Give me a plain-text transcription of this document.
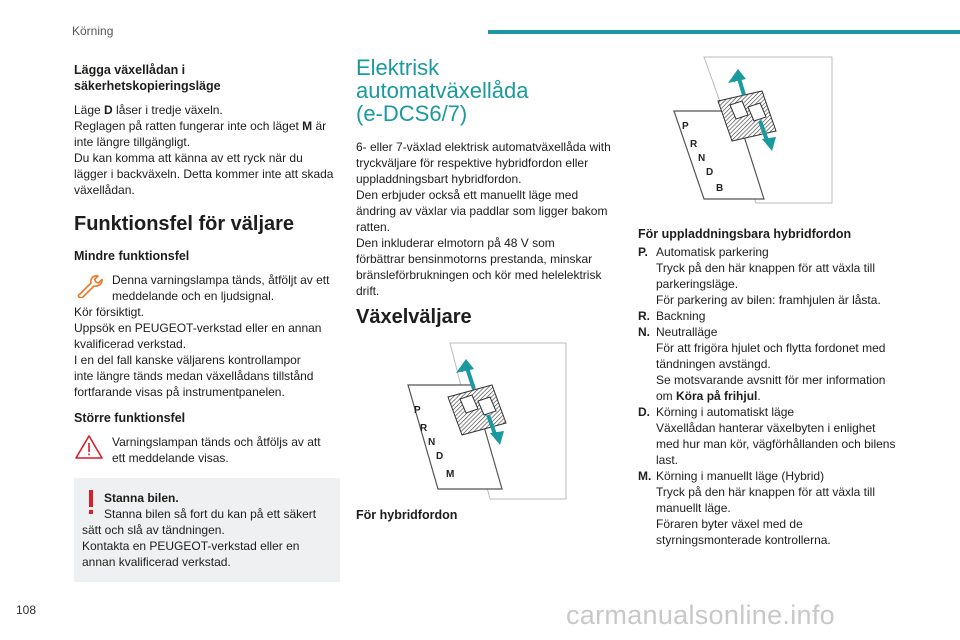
Körning
Lägga växellådan i
säkerhetskopieringsläge

Läge D låser i tredje växeln.
Reglagen på ratten fungerar inte och läget M är
inte längre tillgängligt.
Du kan komma att känna av ett ryck när du
lägger i backväxeln. Detta kommer inte att skada
växellådan.

Funktionsfel för väljare
Mindre funktionsfel
Denna varningslampa tänds, åtföljt av ett
meddelande och en ljudsignal.

Kör försiktigt.
Uppsök en PEUGEOT-verkstad eller en annan
kvalificerad verkstad.
I en del fall kanske väljarens kontrollampor
inte längre tänds medan växellådans tillstånd
fortfarande visas på instrumentpanelen.

Större funktionsfel
Varningslampan tänds och åtföljs av att
ett meddelande visas.
Stanna bilen.
Stanna bilen så fort du kan på ett säkert
sätt och slå av tändningen.
Kontakta en PEUGEOT-verkstad eller en
annan kvalificerad verkstad.
Elektrisk
automatväxellåda
(e-DCS6/7)

6- eller 7-växlad elektrisk automatväxellåda with
tryckväljare för respektive hybridfordon eller
uppladdningsbart hybridfordon.
Den erbjuder också ett manuellt läge med
ändring av växlar via paddlar som ligger bakom
ratten.
Den inkluderar elmotorn på 48 V som
förbättrar bensinmotorns prestanda, minskar
bränsleförbrukningen och kör med helelektrisk
drift.

Växelväljare
P
R
N
D
M
För hybridfordon
P
R
N
D
B
För uppladdningsbara hybridfordon
P. Automatisk parkering
Tryck på den här knappen för att växla till
parkeringsläge.
För parkering av bilen: framhjulen är låsta.
R. Backning
N. Neutralläge
För att frigöra hjulet och flytta fordonet med
tändningen avstängd.
Se motsvarande avsnitt för mer information
om Köra på frihjul.
D. Körning i automatiskt läge
Växellådan hanterar växelbyten i enlighet
med hur man kör, vägförhållanden och bilens
last.
M. Körning i manuellt läge (Hybrid)
Tryck på den här knappen för att växla till
manuellt läge.
Föraren byter växel med de
styrningsmonterade kontrollerna.
108	carmanualsonline.info
